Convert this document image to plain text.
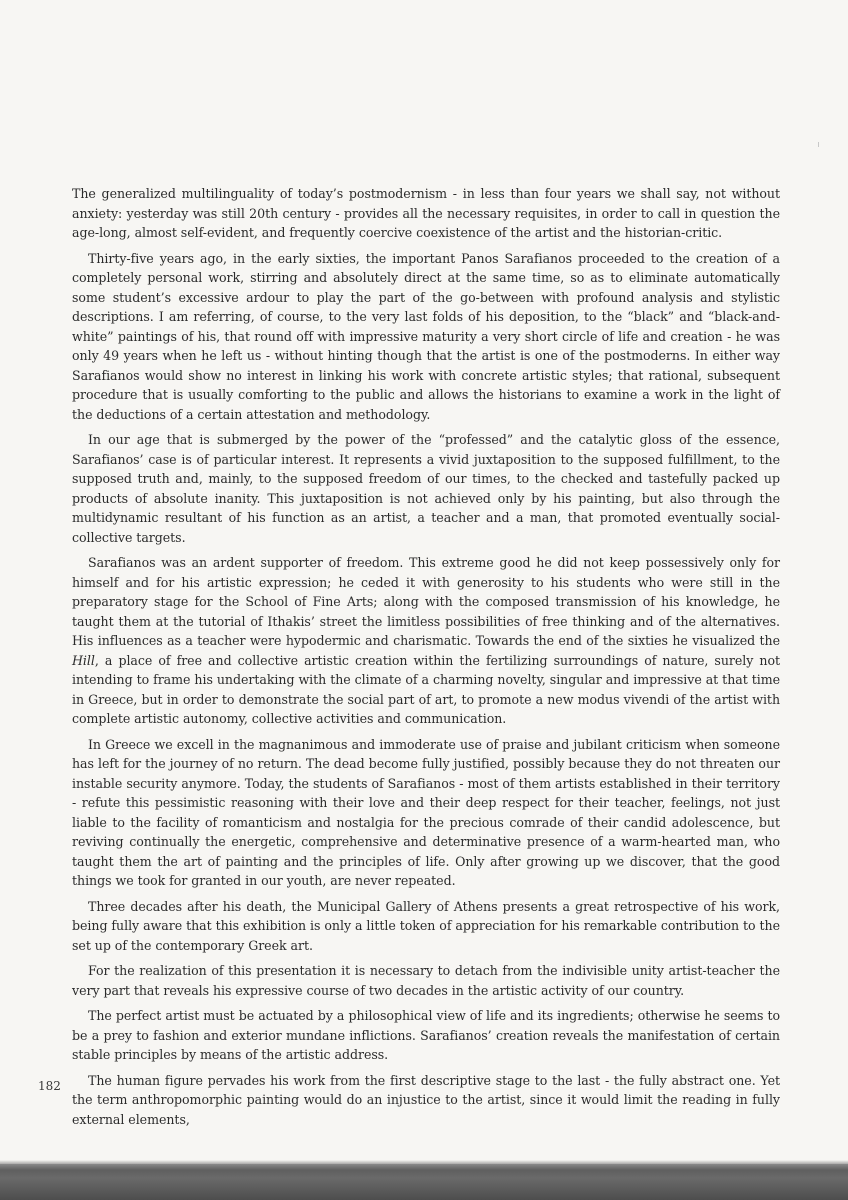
The generalized multilinguality of today’s postmodernism - in less than four years we shall say, not without anxiety: yesterday was still 20th century - provides all the necessary requisites, in order to call in question the age-long, almost self-evident, and frequently coercive coexistence of the artist and the historian-critic.

Thirty-five years ago, in the early sixties, the important Panos Sarafianos proceeded to the creation of a completely personal work, stirring and absolutely direct at the same time, so as to eliminate automatically some student’s excessive ardour to play the part of the go-between with profound analysis and stylistic descriptions. I am referring, of course, to the very last folds of his deposition, to the “black” and “black-and-white” paintings of his, that round off with impressive maturity a very short circle of life and creation - he was only 49 years when he left us - without hinting though that the artist is one of the postmoderns. In either way Sarafianos would show no interest in linking his work with concrete artistic styles; that rational, subsequent procedure that is usually comforting to the public and allows the historians to examine a work in the light of the deductions of a certain attestation and methodology.

In our age that is submerged by the power of the “professed” and the catalytic gloss of the essence, Sarafianos’ case is of particular interest. It represents a vivid juxtaposition to the supposed fulfillment, to the supposed truth and, mainly, to the supposed freedom of our times, to the checked and tastefully packed up products of absolute inanity. This juxtaposition is not achieved only by his painting, but also through the multidynamic resultant of his function as an artist, a teacher and a man, that promoted eventually social-collective targets.

Sarafianos was an ardent supporter of freedom. This extreme good he did not keep possessively only for himself and for his artistic expression; he ceded it with generosity to his students who were still in the preparatory stage for the School of Fine Arts; along with the composed transmission of his knowledge, he taught them at the tutorial of Ithakis’ street the limitless possibilities of free thinking and of the alternatives. His influences as a teacher were hypodermic and charismatic. Towards the end of the sixties he visualized the Hill, a place of free and collective artistic creation within the fertilizing surroundings of nature, surely not intending to frame his undertaking with the climate of a charming novelty, singular and impressive at that time in Greece, but in order to demonstrate the social part of art, to promote a new modus vivendi of the artist with complete artistic autonomy, collective activities and communication.

In Greece we excell in the magnanimous and immoderate use of praise and jubilant criticism when someone has left for the journey of no return. The dead become fully justified, possibly because they do not threaten our instable security anymore. Today, the students of Sarafianos - most of them artists established in their territory - refute this pessimistic reasoning with their love and their deep respect for their teacher, feelings, not just liable to the facility of romanticism and nostalgia for the precious comrade of their candid adolescence, but reviving continually the energetic, comprehensive and determinative presence of a warm-hearted man, who taught them the art of painting and the principles of life. Only after growing up we discover, that the good things we took for granted in our youth, are never repeated.

Three decades after his death, the Municipal Gallery of Athens presents a great retrospective of his work, being fully aware that this exhibition is only a little token of appreciation for his remarkable contribution to the set up of the contemporary Greek art.

For the realization of this presentation it is necessary to detach from the indivisible unity artist-teacher the very part that reveals his expressive course of two decades in the artistic activity of our country.

The perfect artist must be actuated by a philosophical view of life and its ingredients; otherwise he seems to be a prey to fashion and exterior mundane inflictions. Sarafianos’ creation reveals the manifestation of certain stable principles by means of the artistic address.

The human figure pervades his work from the first descriptive stage to the last - the fully abstract one. Yet the term anthropomorphic painting would do an injustice to the artist, since it would limit the reading in fully external elements,

182
